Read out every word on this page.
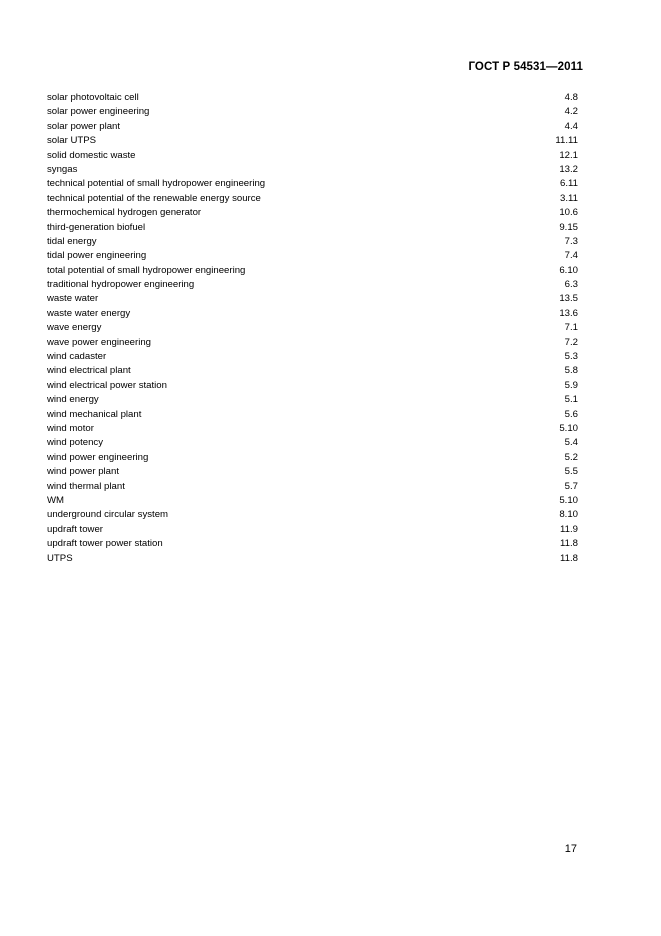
ГОСТ Р 54531—2011
solar photovoltaic cell	4.8
solar power engineering	4.2
solar power plant	4.4
solar UTPS	11.11
solid domestic waste	12.1
syngas	13.2
technical potential of small hydropower engineering	6.11
technical potential of the renewable energy source	3.11
thermochemical hydrogen generator	10.6
third-generation biofuel	9.15
tidal energy	7.3
tidal power engineering	7.4
total potential of small hydropower engineering	6.10
traditional hydropower engineering	6.3
waste water	13.5
waste water energy	13.6
wave energy	7.1
wave power engineering	7.2
wind cadaster	5.3
wind electrical plant	5.8
wind electrical power station	5.9
wind energy	5.1
wind mechanical plant	5.6
wind motor	5.10
wind potency	5.4
wind power engineering	5.2
wind power plant	5.5
wind thermal plant	5.7
WM	5.10
underground circular system	8.10
updraft tower	11.9
updraft tower power station	11.8
UTPS	11.8
17
